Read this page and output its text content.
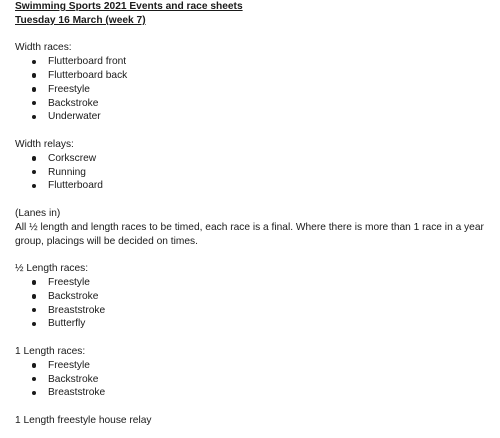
Swimming Sports 2021 Events and race sheets

Tuesday 16 March (week 7)

Width races:

Flutterboard front
Flutterboard back
Freestyle
Backstroke
Underwater

Width relays:

Corkscrew
Running
Flutterboard

(Lanes in)

All ½ length and length races to be timed, each race is a final. Where there is more than 1 race in a year group, placings will be decided on times.

½ Length races:

Freestyle
Backstroke
Breaststroke
Butterfly

1 Length races:

Freestyle
Backstroke
Breaststroke

1 Length freestyle house relay
